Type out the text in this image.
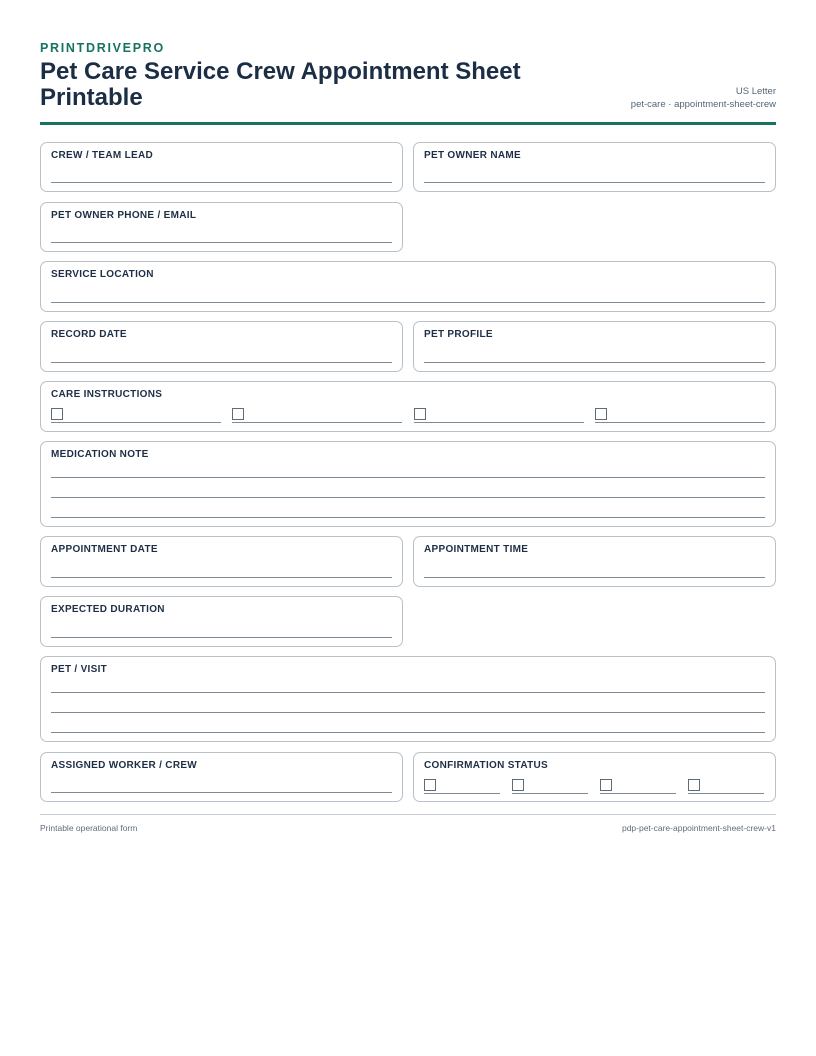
PRINTDRIVEPRO
Pet Care Service Crew Appointment Sheet Printable	US Letter
pet-care · appointment-sheet-crew
CREW / TEAM LEAD	PET OWNER NAME
PET OWNER PHONE / EMAIL
SERVICE LOCATION
RECORD DATE	PET PROFILE
CARE INSTRUCTIONS
MEDICATION NOTE
APPOINTMENT DATE	APPOINTMENT TIME
EXPECTED DURATION
PET / VISIT
ASSIGNED WORKER / CREW	CONFIRMATION STATUS
Printable operational form	pdp-pet-care-appointment-sheet-crew-v1
